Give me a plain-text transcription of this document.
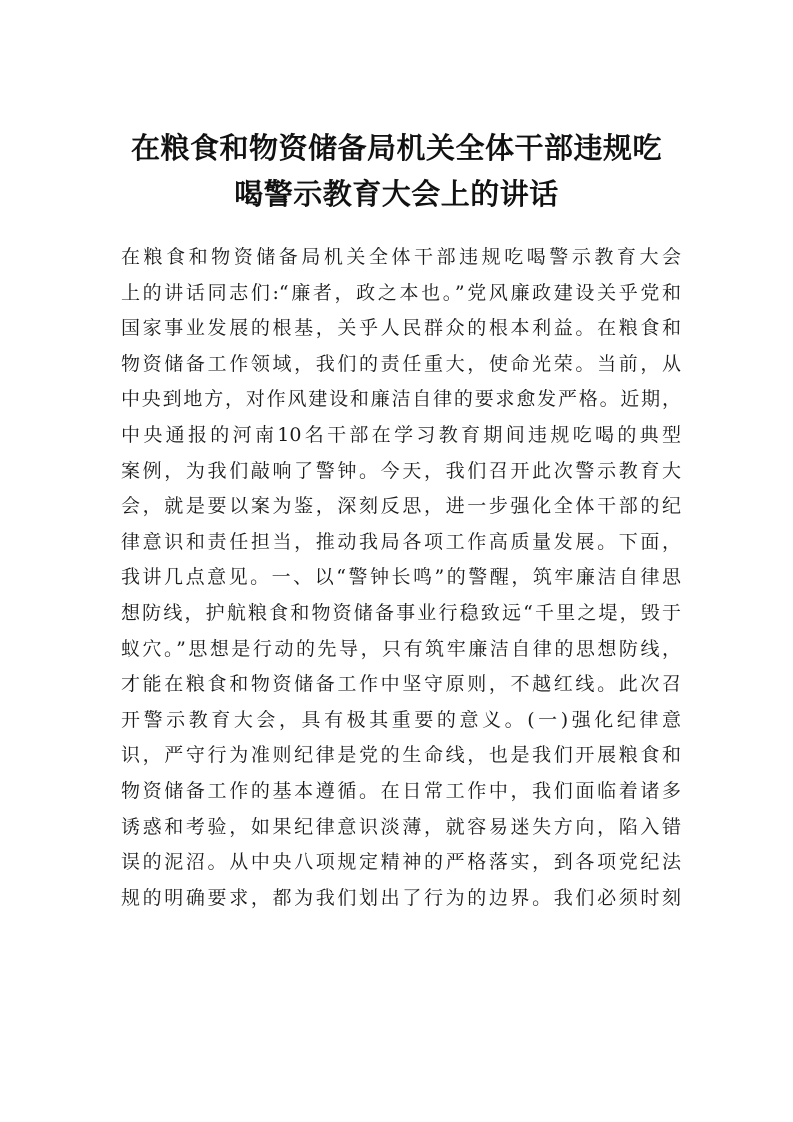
在粮食和物资储备局机关全体干部违规吃
喝警示教育大会上的讲话
在粮食和物资储备局机关全体干部违规吃喝警示教育大会
上的讲话同志们:“廉者，政之本也。”党风廉政建设关乎党和
国家事业发展的根基，关乎人民群众的根本利益。在粮食和
物资储备工作领域，我们的责任重大，使命光荣。当前，从
中央到地方，对作风建设和廉洁自律的要求愈发严格。近期，
中央通报的河南10名干部在学习教育期间违规吃喝的典型
案例，为我们敲响了警钟。今天，我们召开此次警示教育大
会，就是要以案为鉴，深刻反思，进一步强化全体干部的纪
律意识和责任担当，推动我局各项工作高质量发展。下面，
我讲几点意见。一、以“警钟长鸣”的警醒，筑牢廉洁自律思
想防线，护航粮食和物资储备事业行稳致远“千里之堤，毁于
蚁穴。”思想是行动的先导，只有筑牢廉洁自律的思想防线，
才能在粮食和物资储备工作中坚守原则，不越红线。此次召
开警示教育大会，具有极其重要的意义。(一)强化纪律意
识，严守行为准则纪律是党的生命线，也是我们开展粮食和
物资储备工作的基本遵循。在日常工作中，我们面临着诸多
诱惑和考验，如果纪律意识淡薄，就容易迷失方向，陷入错
误的泥沼。从中央八项规定精神的严格落实，到各项党纪法
规的明确要求，都为我们划出了行为的边界。我们必须时刻
